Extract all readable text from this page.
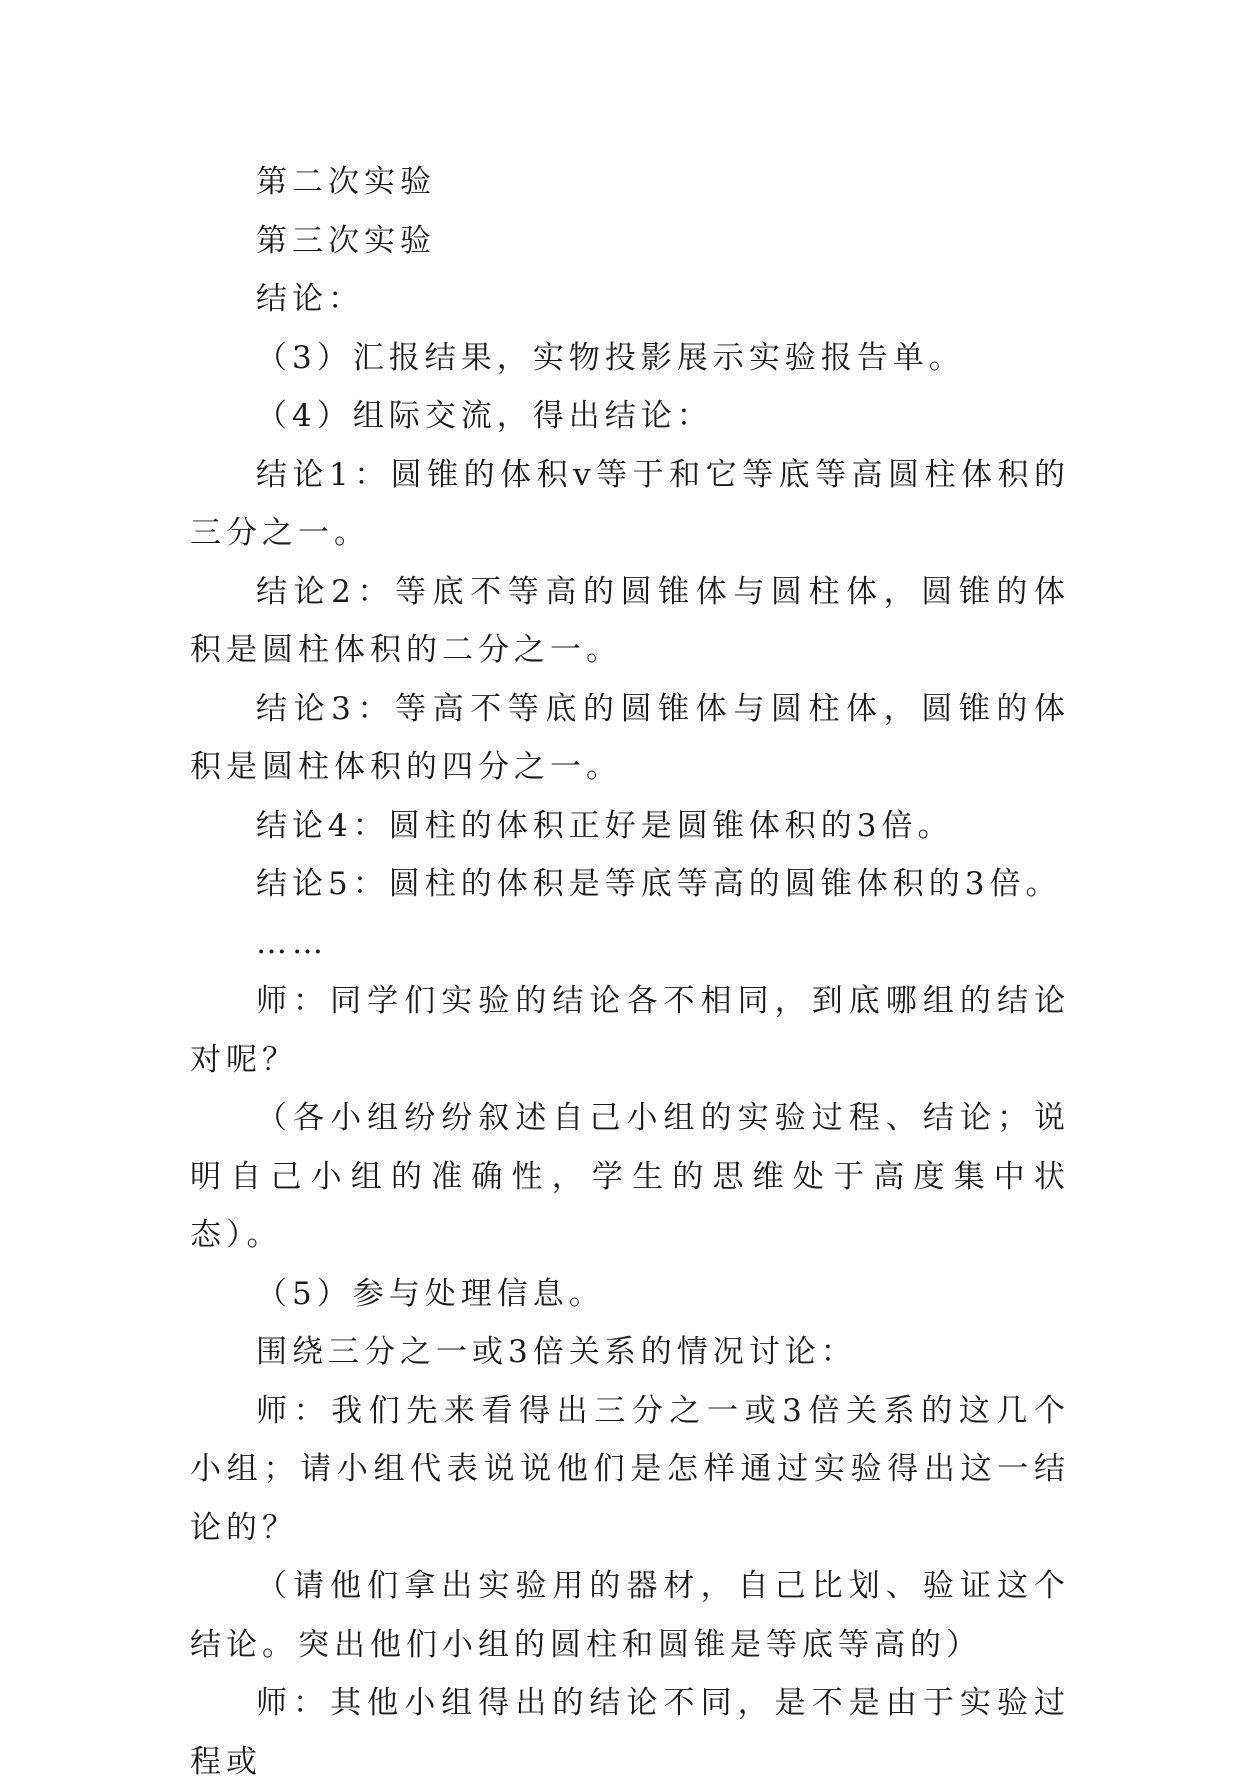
第二次实验

第三次实验

结论：

（3）汇报结果，实物投影展示实验报告单。

（4）组际交流，得出结论：

结论1：圆锥的体积v等于和它等底等高圆柱体积的三分之一。

结论2：等底不等高的圆锥体与圆柱体，圆锥的体积是圆柱体积的二分之一。

结论3：等高不等底的圆锥体与圆柱体，圆锥的体积是圆柱体积的四分之一。

结论4：圆柱的体积正好是圆锥体积的3倍。

结论5：圆柱的体积是等底等高的圆锥体积的3倍。

……

师：同学们实验的结论各不相同，到底哪组的结论对呢？

（各小组纷纷叙述自己小组的实验过程、结论；说明自己小组的准确性，学生的思维处于高度集中状态）。

（5）参与处理信息。

围绕三分之一或3倍关系的情况讨论：

师：我们先来看得出三分之一或3倍关系的这几个小组；请小组代表说说他们是怎样通过实验得出这一结论的？

（请他们拿出实验用的器材，自己比划、验证这个结论。突出他们小组的圆柱和圆锥是等底等高的）

师：其他小组得出的结论不同，是不是由于实验过程或
